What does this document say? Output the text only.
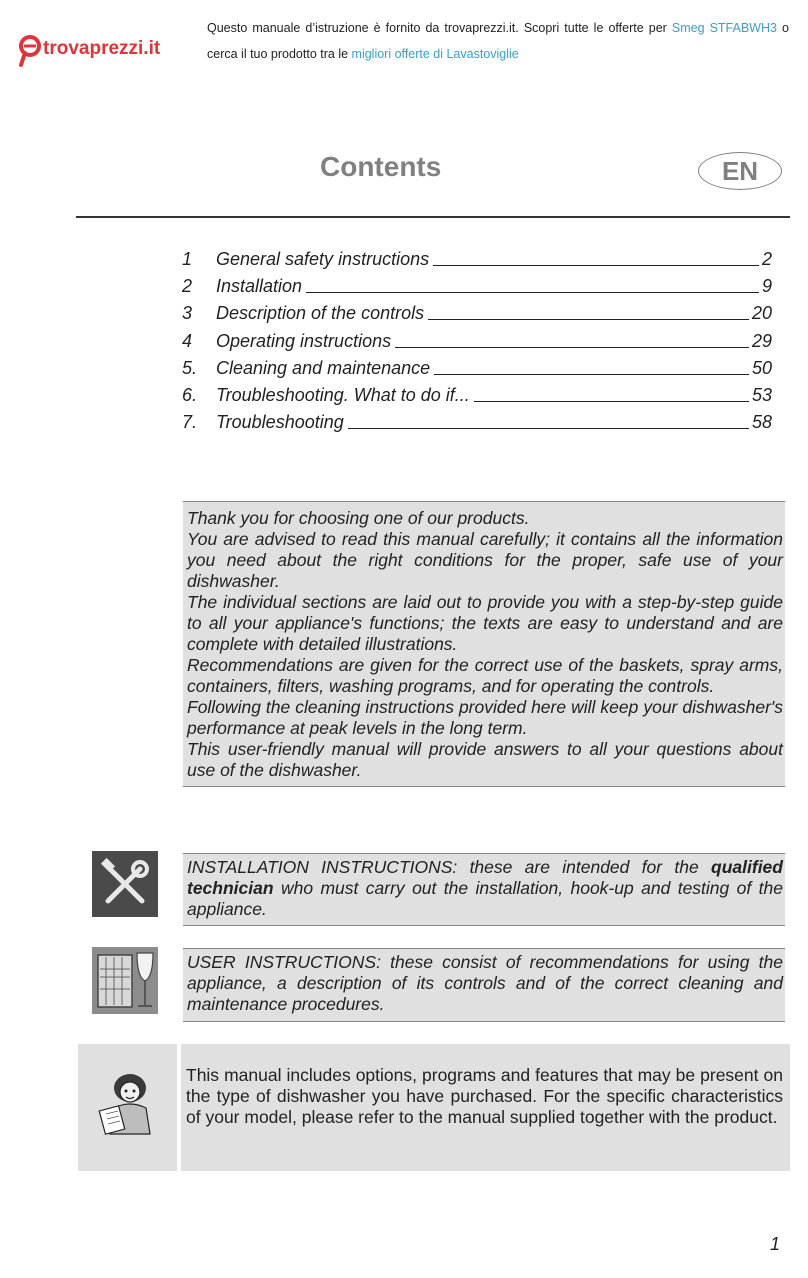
trovaprezzi.it
Questo manuale d’istruzione è fornito da trovaprezzi.it. Scopri tutte le offerte per Smeg STFABWH3 o
cerca il tuo prodotto tra le migliori offerte di Lavastoviglie
Contents	EN
1	General safety instructions	2
2	Installation	9
3	Description of the controls	20
4	Operating instructions	29
5.	Cleaning and maintenance	50
6.	Troubleshooting. What to do if...	53
7.	Troubleshooting	58
Thank you for choosing one of our products.
You are advised to read this manual carefully; it contains all the information you need about the right conditions for the proper, safe use of your dishwasher.
The individual sections are laid out to provide you with a step-by-step guide to all your appliance's functions; the texts are easy to understand and are complete with detailed illustrations.
Recommendations are given for the correct use of the baskets, spray arms, containers, filters, washing programs, and for operating the controls.
Following the cleaning instructions provided here will keep your dishwasher's performance at peak levels in the long term.
This user-friendly manual will provide answers to all your questions about use of the dishwasher.
INSTALLATION INSTRUCTIONS: these are intended for the qualified technician who must carry out the installation, hook-up and testing of the appliance.
USER INSTRUCTIONS: these consist of recommendations for using the appliance, a description of its controls and of the correct cleaning and maintenance procedures.
This manual includes options, programs and features that may be present on the type of dishwasher you have purchased. For the specific characteristics of your model, please refer to the manual supplied together with the product.
1
